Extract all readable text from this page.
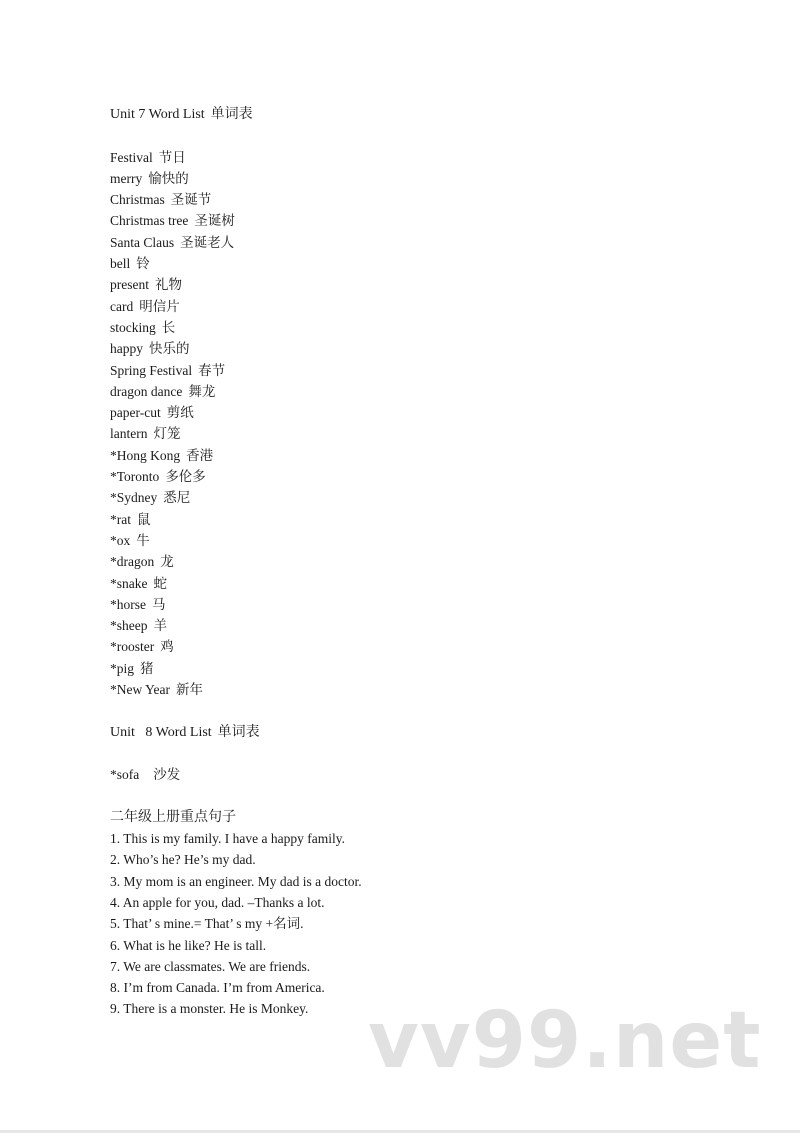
Unit 7 Word List 单词表
Festival 节日
merry 愉快的
Christmas 圣诞节
Christmas tree 圣诞树
Santa Claus 圣诞老人
bell 铃
present 礼物
card 明信片
stocking 长
happy 快乐的
Spring Festival 春节
dragon dance 舞龙
paper-cut 剪纸
lantern 灯笼
*Hong Kong 香港
*Toronto 多伦多
*Sydney 悉尼
*rat 鼠
*ox 牛
*dragon 龙
*snake 蛇
*horse 马
*sheep 羊
*rooster 鸡
*pig 猪
*New Year 新年
Unit   8 Word List 单词表
*sofa 沙发
二年级上册重点句子
1. This is my family. I have a happy family.
2. Who’s he? He’s my dad.
3. My mom is an engineer. My dad is a doctor.
4. An apple for you, dad. –Thanks a lot.
5. That’ s mine.= That’ s my +名词.
6. What is he like? He is tall.
7. We are classmates. We are friends.
8. I’m from Canada. I’m from America.
9. There is a monster. He is Monkey. vv99.net
